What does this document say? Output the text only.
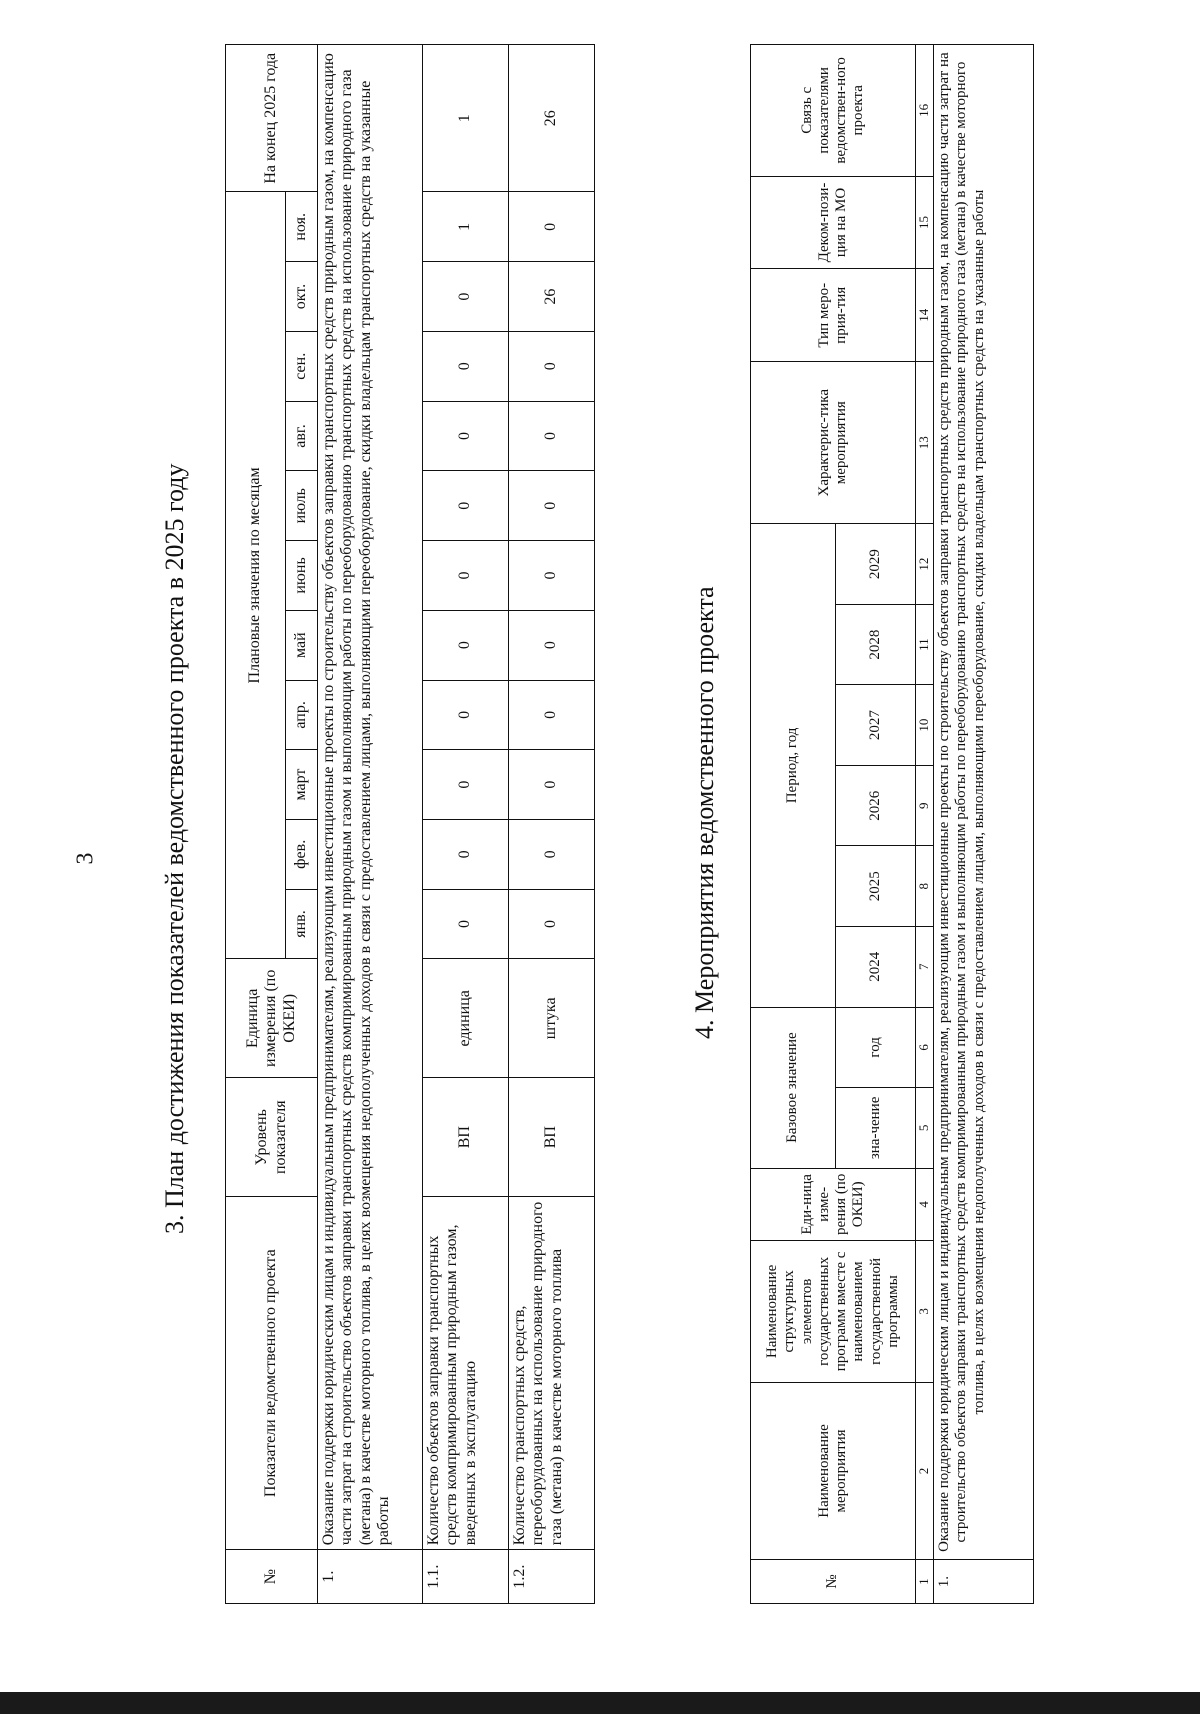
3 3. План достижения показателей ведомственного проекта в 2025 году
№	Показатели ведомственного проекта	Уровень показателя	Единица измерения (по ОКЕИ)	Плановые значения по месяцам											На конец 2025 года
				янв.	фев.	март	апр.	май	июнь	июль	авг.	сен.	окт.	ноя.	
1.	Оказание поддержки юридическим лицам и индивидуальным предпринимателям, реализующим инвестиционные проекты по строительству объектов заправки транспортных средств природным газом, на компенсацию части затрат на строительство объектов заправки транспортных средств компримированным природным газом и выполняющим работы по переоборудованию транспортных средств на использование природного газа (метана) в качестве моторного топлива, в целях возмещения недополученных доходов в связи с предоставлением лицами, выполняющими переоборудование, скидки владельцам транспортных средств на указанные работы														
1.1.	Количество объектов заправки транспортных средств компримированным природным газом, введенных в эксплуатацию	ВП	единица	0	0	0	0	0	0	0	0	0	0	1	1
1.2.	Количество транспортных средств, переоборудованных на использование природного газа (метана) в качестве моторного топлива	ВП	штука	0	0	0	0	0	0	0	0	0	26	0	26
4. Мероприятия ведомственного проекта
№	Наименование мероприятия	Наименование структурных элементов государственных программ вместе с наименованием государственной программы	Еди-ница изме-рения (по ОКЕИ)	Базовое значение		Период, год						Характерис-тика мероприятия	Тип меро-прия-тия	Деком-пози-ция на МО	Связь с показателями ведомствен-ного проекта
				зна-чение	год	2024	2025	2026	2027	2028	2029				
1	2	3	4	5	6	7	8	9	10	11	12	13	14	15	16
1.	Оказание поддержки юридическим лицам и индивидуальным предпринимателям, реализующим инвестиционные проекты по строительству объектов заправки транспортных средств природным газом, на компенсацию части затрат на строительство объектов заправки транспортных средств компримированным природным газом и выполняющим работы по переоборудованию транспортных средств на использование природного газа (метана) в качестве моторного топлива, в целях возмещения недополученных доходов в связи с предоставлением лицами, выполняющими переоборудование, скидки владельцам транспортных средств на указанные работы														
